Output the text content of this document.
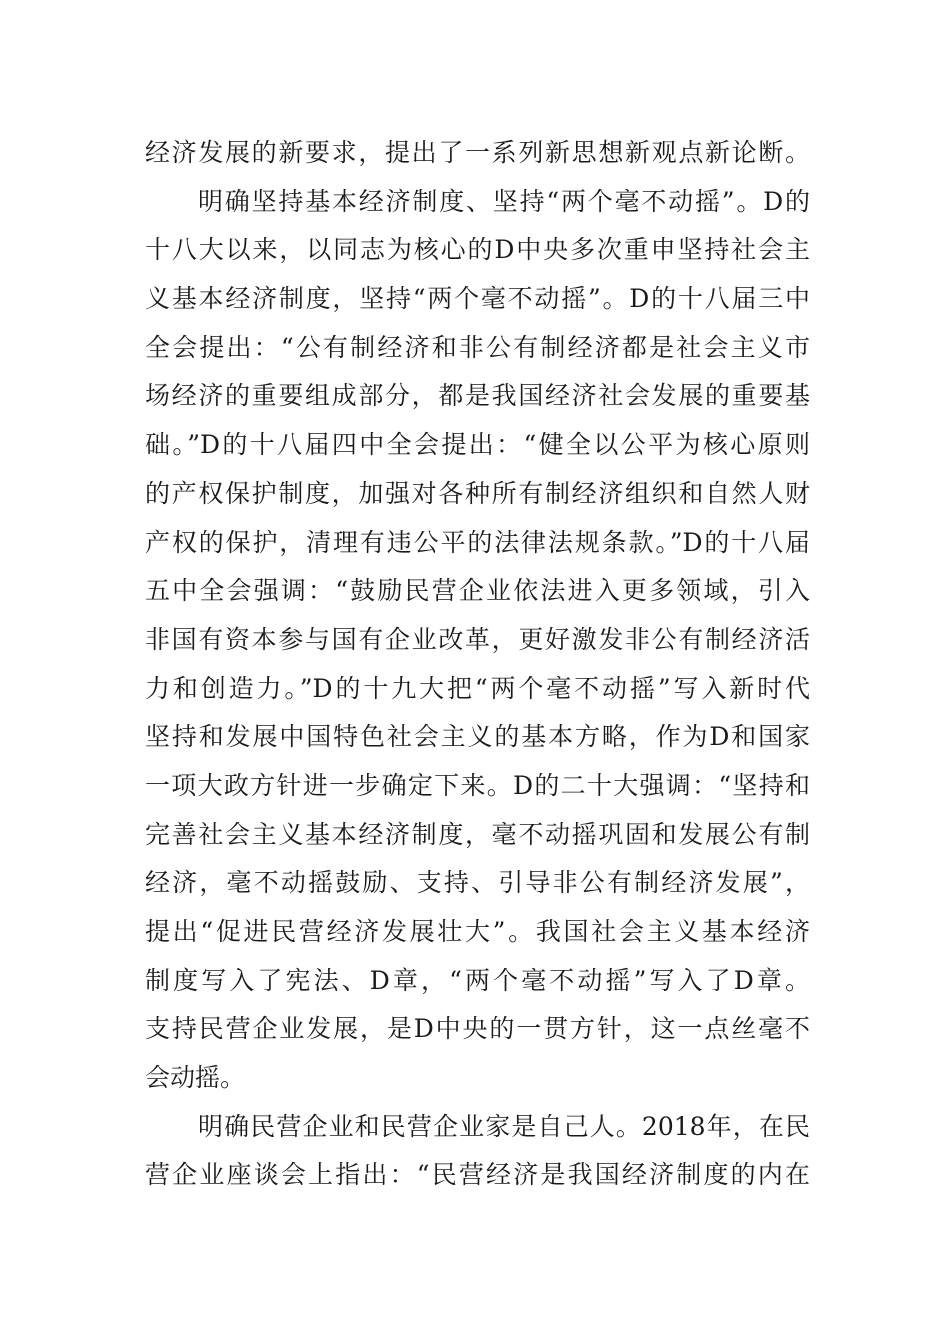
经济发展的新要求，提出了一系列新思想新观点新论断。
明确坚持基本经济制度、坚持“两个毫不动摇”。D的
十八大以来，以同志为核心的D中央多次重申坚持社会主
义基本经济制度，坚持“两个毫不动摇”。D的十八届三中
全会提出：“公有制经济和非公有制经济都是社会主义市
场经济的重要组成部分，都是我国经济社会发展的重要基
础。”D的十八届四中全会提出：“健全以公平为核心原则
的产权保护制度，加强对各种所有制经济组织和自然人财
产权的保护，清理有违公平的法律法规条款。”D的十八届
五中全会强调：“鼓励民营企业依法进入更多领域，引入
非国有资本参与国有企业改革，更好激发非公有制经济活
力和创造力。”D的十九大把“两个毫不动摇”写入新时代
坚持和发展中国特色社会主义的基本方略，作为D和国家
一项大政方针进一步确定下来。D的二十大强调：“坚持和
完善社会主义基本经济制度，毫不动摇巩固和发展公有制
经济，毫不动摇鼓励、支持、引导非公有制经济发展”，
提出“促进民营经济发展壮大”。我国社会主义基本经济
制度写入了宪法、D章，“两个毫不动摇”写入了D章。
支持民营企业发展，是D中央的一贯方针，这一点丝毫不
会动摇。
明确民营企业和民营企业家是自己人。2018年，在民
营企业座谈会上指出：“民营经济是我国经济制度的内在
